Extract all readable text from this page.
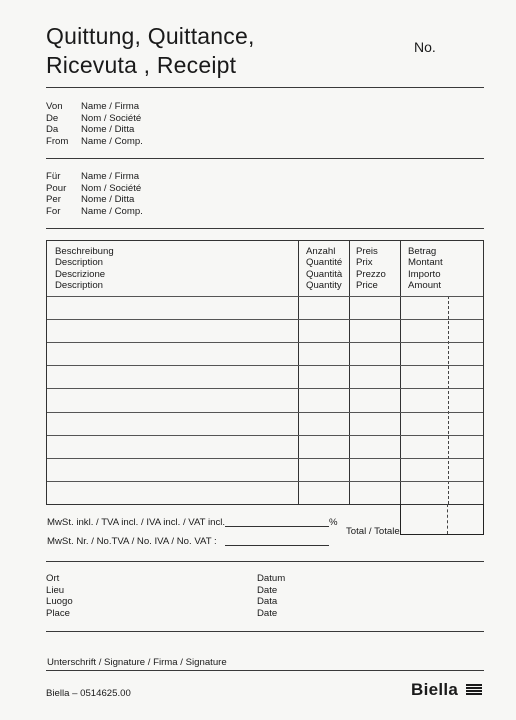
Quittung, Quittance,
Ricevuta , Receipt
No.
Von
De
Da
From
Name / Firma
Nom / Société
Nome / Ditta
Name / Comp.
Für
Pour
Per
For
Name / Firma
Nom / Société
Nome / Ditta
Name / Comp.
Beschreibung
Description
Descrizione
Description
Anzahl
Quantité
Quantità
Quantity
Preis
Prix
Prezzo
Price
Betrag
Montant
Importo
Amount
MwSt. inkl. / TVA incl. / IVA incl. / VAT incl.	%
MwSt. Nr. / No.TVA / No. IVA / No. VAT :
Total / Totale
Ort
Lieu
Luogo
Place
Datum
Date
Data
Date
Unterschrift / Signature / Firma / Signature
Biella – 0514625.00	Biella
